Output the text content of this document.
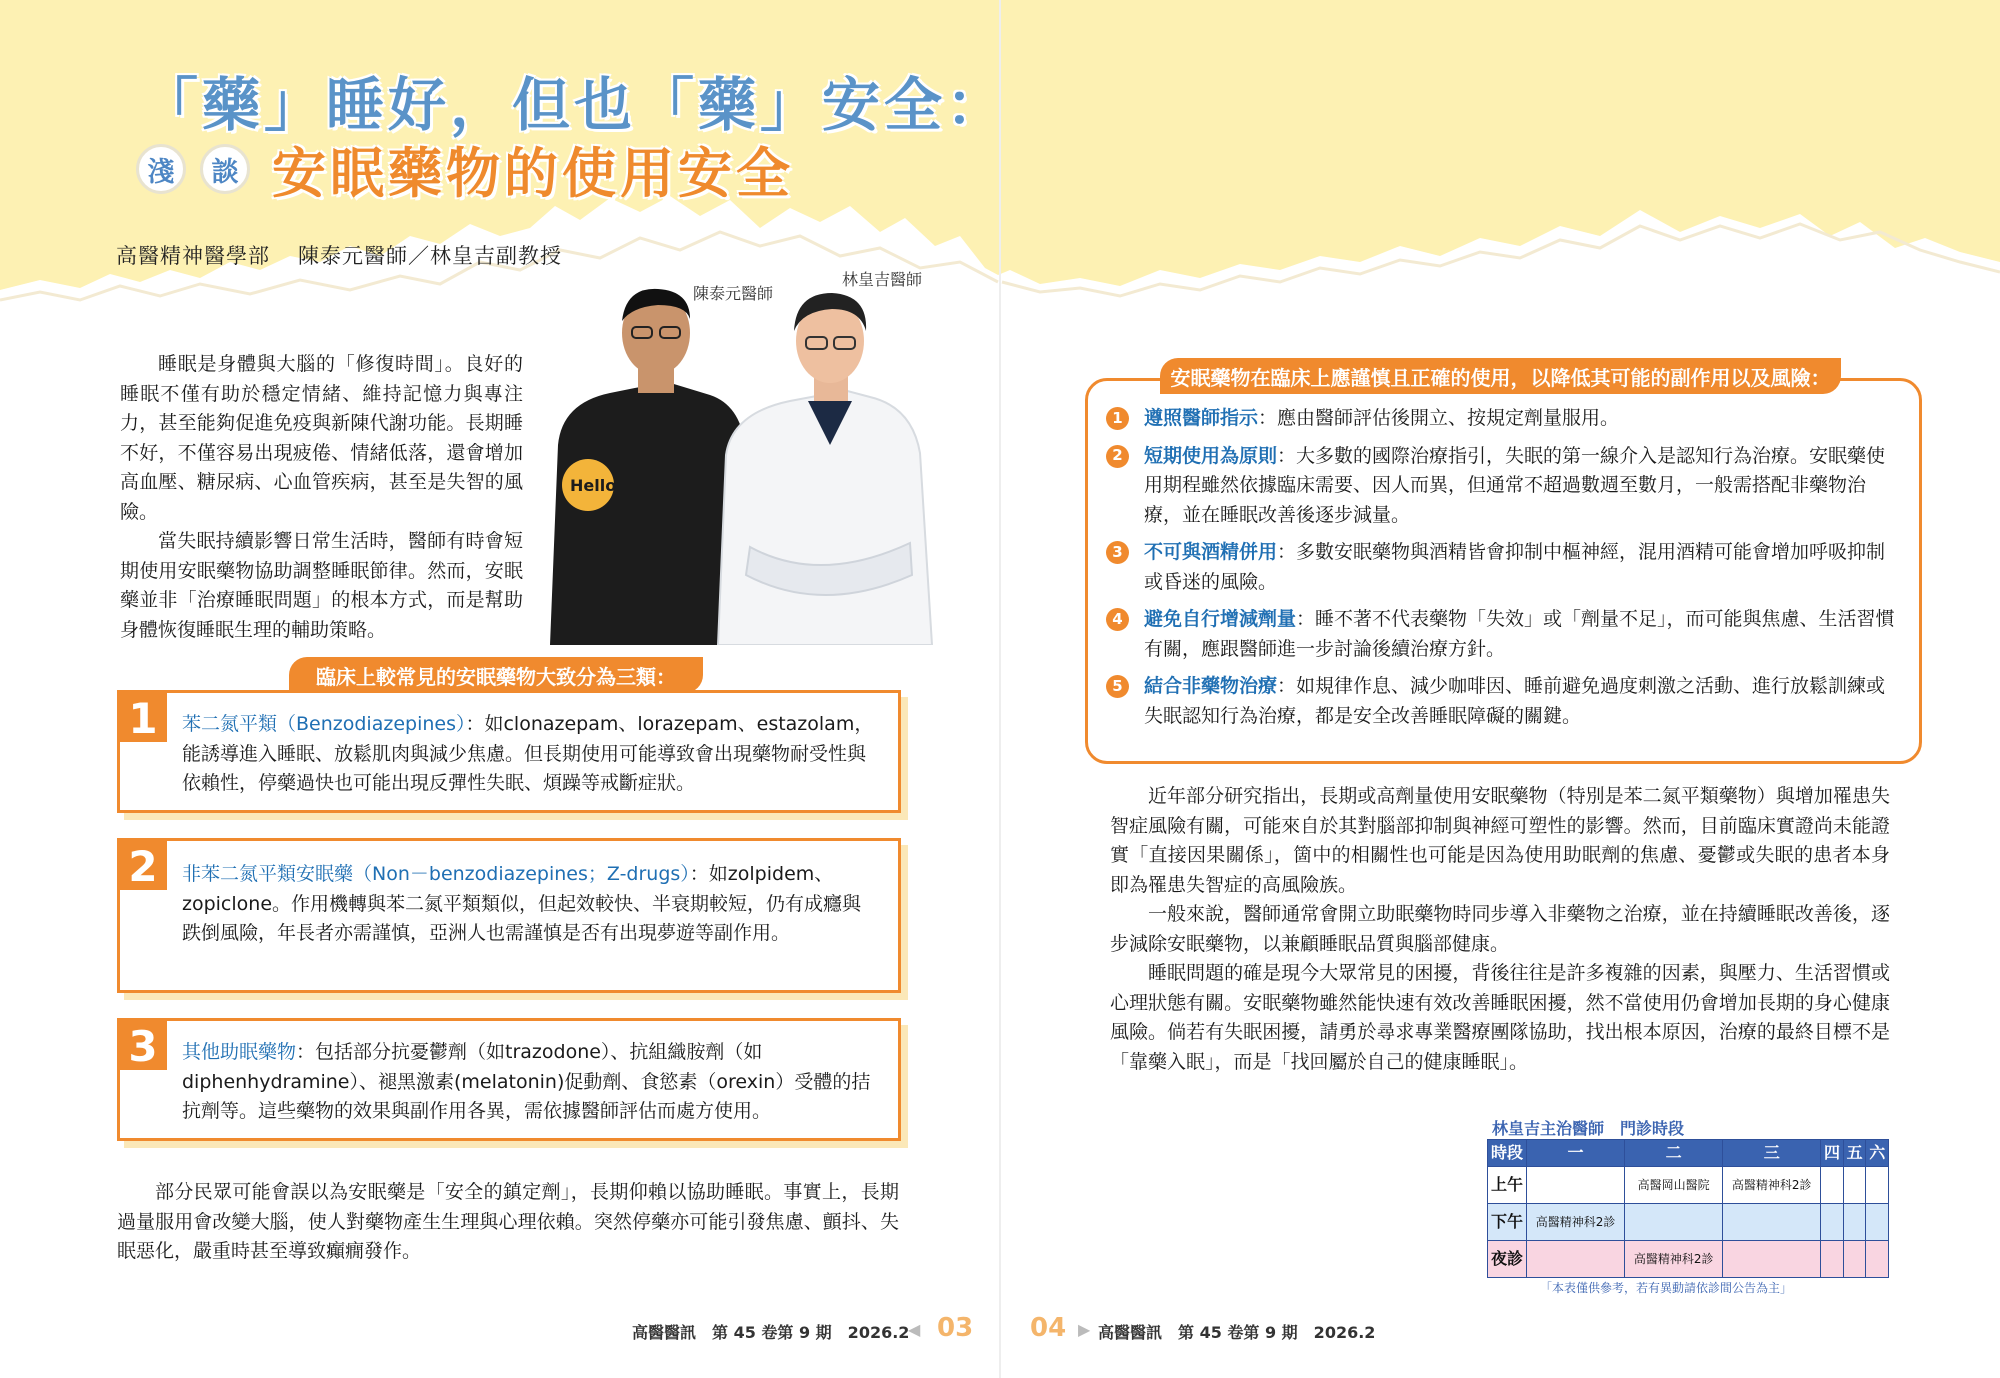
「藥」睡好，但也「藥」安全：
淺	談 安眠藥物的使用安全
高醫精神醫學部 陳泰元醫師／林皇吉副教授
Hello
陳泰元醫師
林皇吉醫師

睡眠是身體與大腦的「修復時間」。良好的睡眠不僅有助於穩定情緒、維持記憶力與專注力，甚至能夠促進免疫與新陳代謝功能。長期睡不好，不僅容易出現疲倦、情緒低落，還會增加高血壓、糖尿病、心血管疾病，甚至是失智的風險。

當失眠持續影響日常生活時，醫師有時會短期使用安眠藥物協助調整睡眠節律。然而，安眠藥並非「治療睡眠問題」的根本方式，而是幫助身體恢復睡眠生理的輔助策略。

臨床上較常見的安眠藥物大致分為三類：
1	苯二氮平類（Benzodiazepines）：如clonazepam、lorazepam、estazolam，能誘導進入睡眠、放鬆肌肉與減少焦慮。但長期使用可能導致會出現藥物耐受性與依賴性，停藥過快也可能出現反彈性失眠、煩躁等戒斷症狀。
2	非苯二氮平類安眠藥（Non－benzodiazepines；Z-drugs）：如zolpidem、zopiclone。作用機轉與苯二氮平類類似，但起效較快、半衰期較短，仍有成癮與跌倒風險，年長者亦需謹慎，亞洲人也需謹慎是否有出現夢遊等副作用。
3	其他助眠藥物：包括部分抗憂鬱劑（如trazodone）、抗組織胺劑（如diphenhydramine）、褪黑激素(melatonin)促動劑、食慾素（orexin）受體的拮抗劑等。這些藥物的效果與副作用各異，需依據醫師評估而處方使用。

部分民眾可能會誤以為安眠藥是「安全的鎮定劑」，長期仰賴以協助睡眠。事實上，長期過量服用會改變大腦，使人對藥物產生生理與心理依賴。突然停藥亦可能引發焦慮、顫抖、失眠惡化，嚴重時甚至導致癲癇發作。

安眠藥物在臨床上應謹慎且正確的使用，以降低其可能的副作用以及風險：

1	遵照醫師指示：應由醫師評估後開立、按規定劑量服用。

2	短期使用為原則：大多數的國際治療指引，失眠的第一線介入是認知行為治療。安眠藥使用期程雖然依據臨床需要、因人而異，但通常不超過數週至數月，一般需搭配非藥物治療，並在睡眠改善後逐步減量。

3	不可與酒精併用：多數安眠藥物與酒精皆會抑制中樞神經，混用酒精可能會增加呼吸抑制或昏迷的風險。

4	避免自行增減劑量：睡不著不代表藥物「失效」或「劑量不足」，而可能與焦慮、生活習慣有關，應跟醫師進一步討論後續治療方針。

5	結合非藥物治療：如規律作息、減少咖啡因、睡前避免過度刺激之活動、進行放鬆訓練或失眠認知行為治療，都是安全改善睡眠障礙的關鍵。

近年部分研究指出，長期或高劑量使用安眠藥物（特別是苯二氮平類藥物）與增加罹患失智症風險有關，可能來自於其對腦部抑制與神經可塑性的影響。然而，目前臨床實證尚未能證實「直接因果關係」，箇中的相關性也可能是因為使用助眠劑的焦慮、憂鬱或失眠的患者本身即為罹患失智症的高風險族。

一般來說，醫師通常會開立助眠藥物時同步導入非藥物之治療，並在持續睡眠改善後，逐步減除安眠藥物，以兼顧睡眠品質與腦部健康。

睡眠問題的確是現今大眾常見的困擾，背後往往是許多複雜的因素，與壓力、生活習慣或心理狀態有關。安眠藥物雖然能快速有效改善睡眠困擾，然不當使用仍會增加長期的身心健康風險。倘若有失眠困擾，請勇於尋求專業醫療團隊協助，找出根本原因，治療的最終目標不是「靠藥入眠」，而是「找回屬於自己的健康睡眠」。

林皇吉主治醫師　門診時段
時段	一	二	三	四	五	六
上午		高醫岡山醫院	高醫精神科2診			
下午	高醫精神科2診					
夜診		高醫精神科2診				
「本表僅供參考，若有異動請依診間公告為主」
高醫醫訊　第 45 卷第 9 期　2026.2
◀ 03 04 ▶ 高醫醫訊　第 45 卷第 9 期　2026.2
